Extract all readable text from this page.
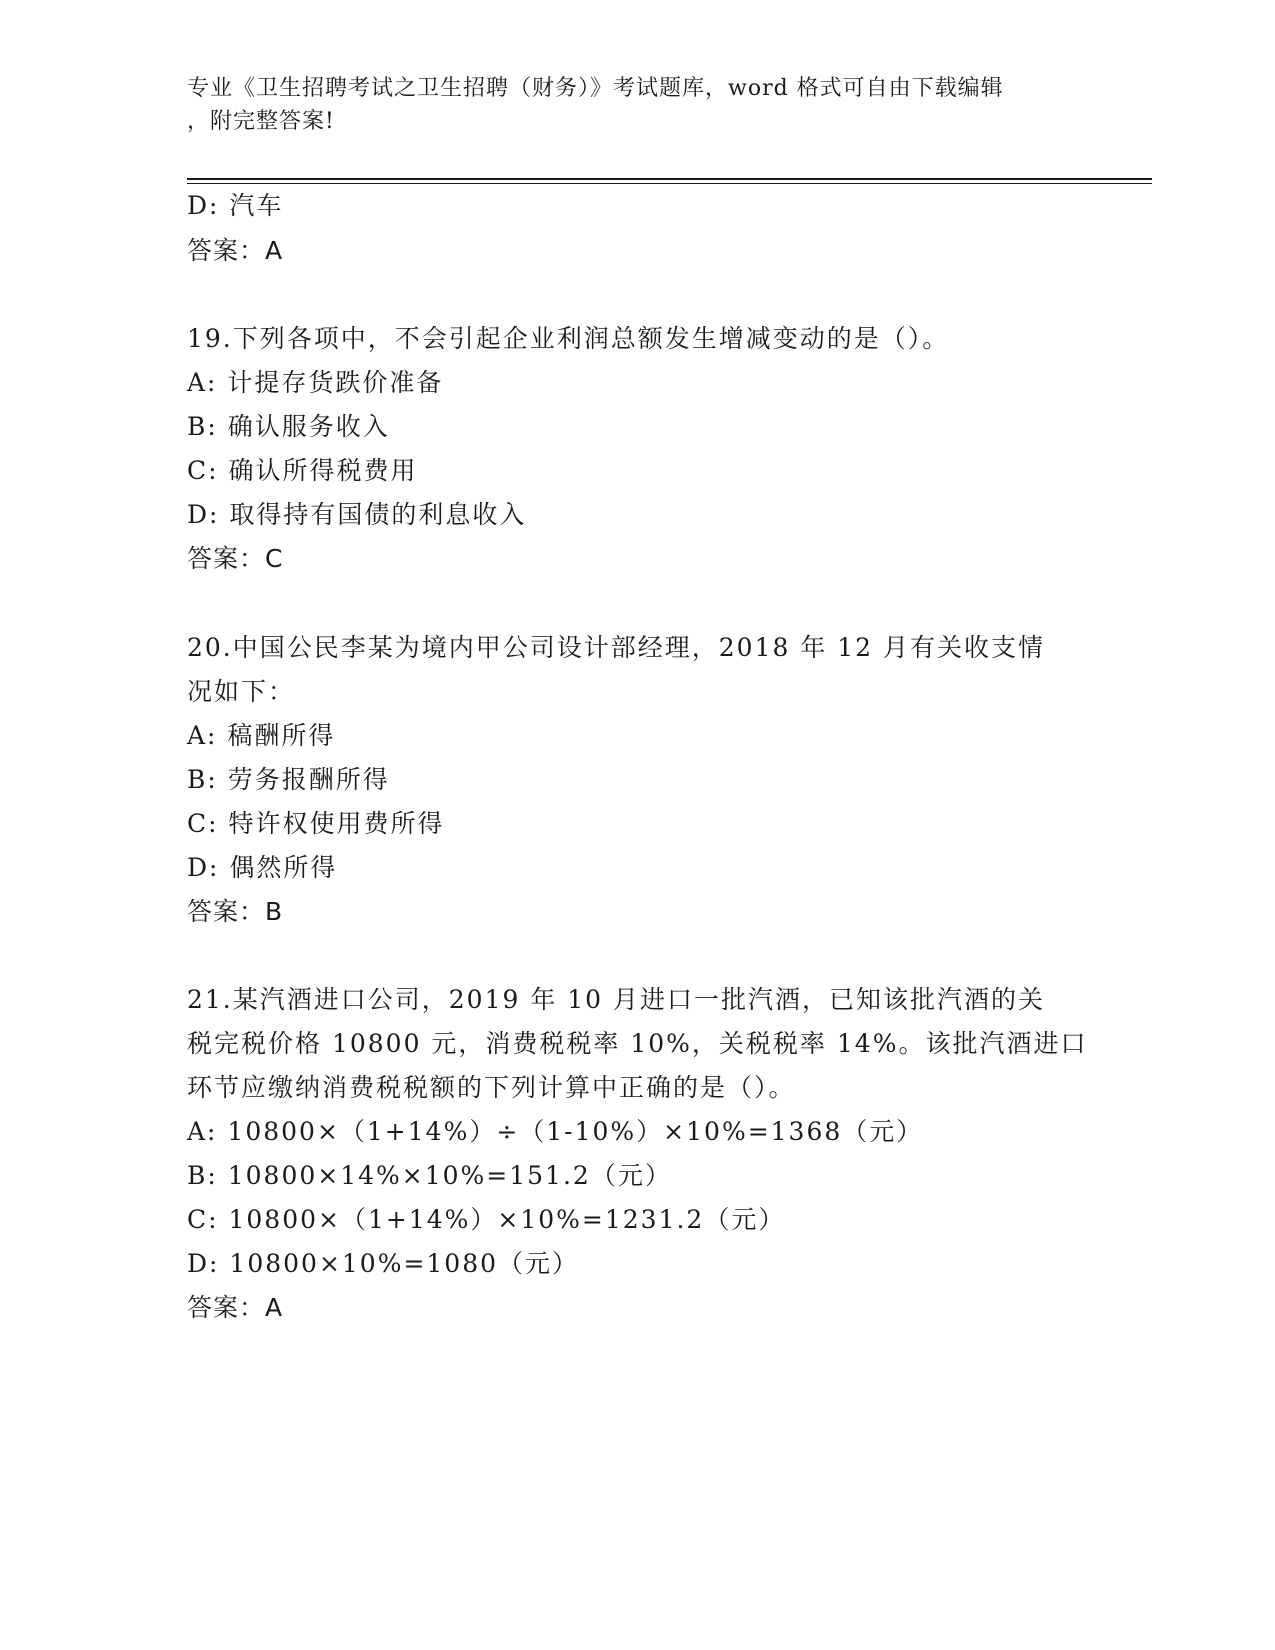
专业《卫生招聘考试之卫生招聘（财务）》考试题库，word 格式可自由下载编辑
，附完整答案!
D: 汽车
答案：A
19.下列各项中，不会引起企业利润总额发生增减变动的是（）。
A: 计提存货跌价准备
B: 确认服务收入
C: 确认所得税费用
D: 取得持有国债的利息收入
答案：C
20.中国公民李某为境内甲公司设计部经理，2018 年 12 月有关收支情
况如下：
A: 稿酬所得
B: 劳务报酬所得
C: 特许权使用费所得
D: 偶然所得
答案：B
21.某汽酒进口公司，2019 年 10 月进口一批汽酒，已知该批汽酒的关
税完税价格 10800 元，消费税税率 10%，关税税率 14%。该批汽酒进口
环节应缴纳消费税税额的下列计算中正确的是（）。
A: 10800×（1+14%）÷（1-10%）×10%=1368（元）
B: 10800×14%×10%=151.2（元）
C: 10800×（1+14%）×10%=1231.2（元）
D: 10800×10%=1080（元）
答案：A
